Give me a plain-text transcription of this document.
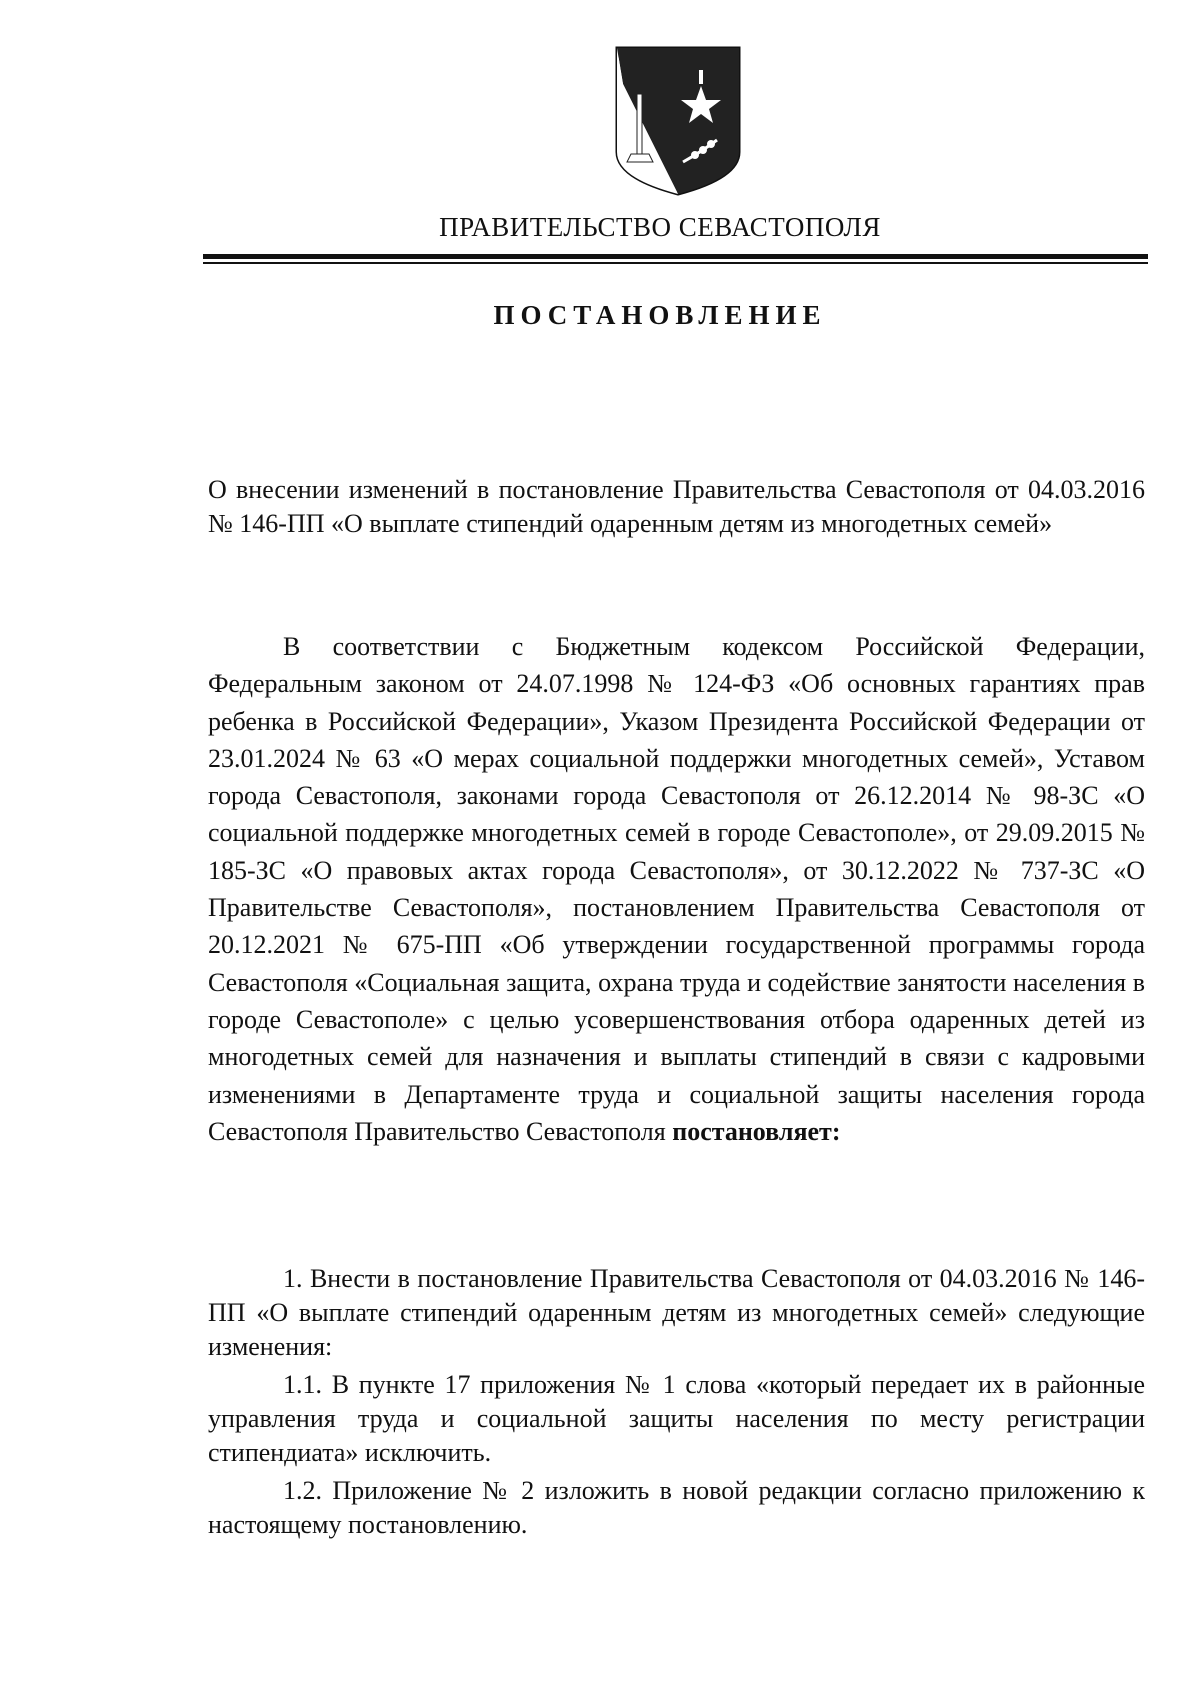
ПРАВИТЕЛЬСТВО СЕВАСТОПОЛЯ
ПОСТАНОВЛЕНИЕ
О внесении изменений в постановление Правительства Севастополя от 04.03.2016 № 146-ПП «О выплате стипендий одаренным детям из многодетных семей»
В соответствии с Бюджетным кодексом Российской Федерации, Федеральным законом от 24.07.1998 № 124-ФЗ «Об основных гарантиях прав ребенка в Российской Федерации», Указом Президента Российской Федерации от 23.01.2024 № 63 «О мерах социальной поддержки многодетных семей», Уставом города Севастополя, законами города Севастополя от 26.12.2014 № 98-ЗС «О социальной поддержке многодетных семей в городе Севастополе», от 29.09.2015 № 185-ЗС «О правовых актах города Севастополя», от 30.12.2022 № 737-ЗС «О Правительстве Севастополя», постановлением Правительства Севастополя от 20.12.2021 № 675-ПП «Об утверждении государственной программы города Севастополя «Социальная защита, охрана труда и содействие занятости населения в городе Севастополе» с целью усовершенствования отбора одаренных детей из многодетных семей для назначения и выплаты стипендий в связи с кадровыми изменениями в Департаменте труда и социальной защиты населения города Севастополя Правительство Севастополя постановляет:

1. Внести в постановление Правительства Севастополя от 04.03.2016 № 146-ПП «О выплате стипендий одаренным детям из многодетных семей» следующие изменения:

1.1. В пункте 17 приложения № 1 слова «который передает их в районные управления труда и социальной защиты населения по месту регистрации стипендиата» исключить.

1.2. Приложение № 2 изложить в новой редакции согласно приложению к настоящему постановлению.
